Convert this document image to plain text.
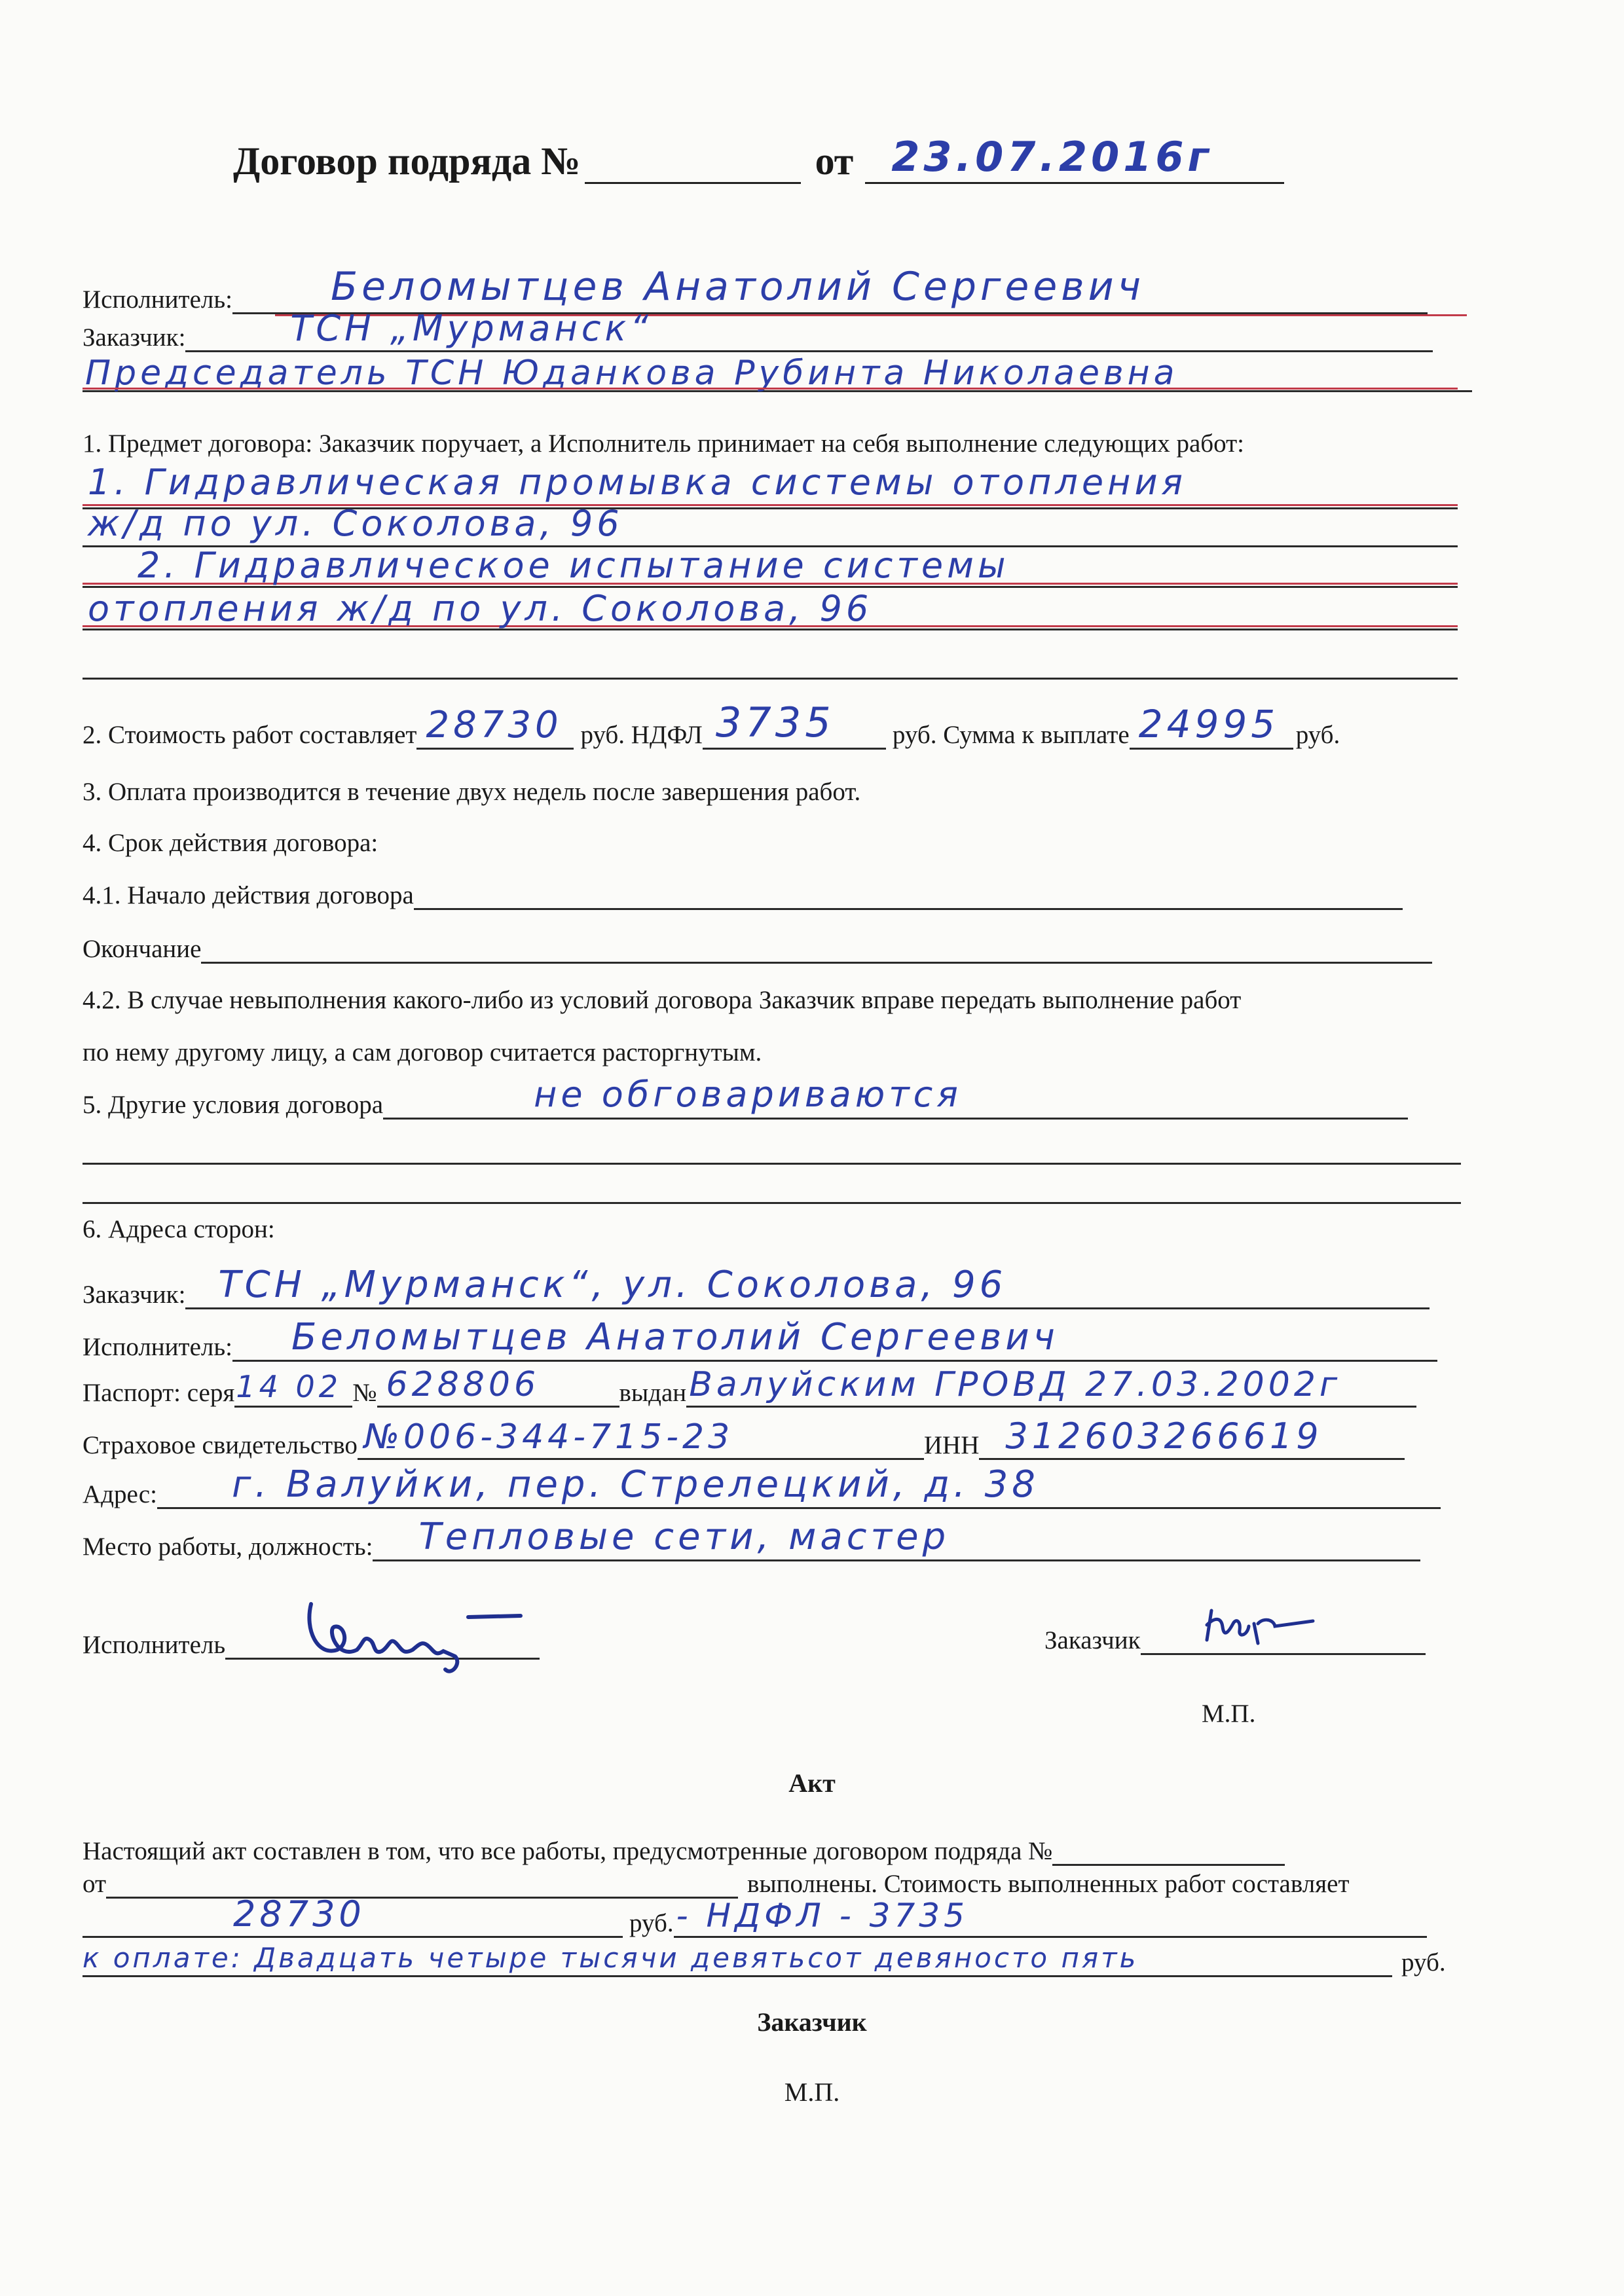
Договор подряда №	от 23.07.2016г
Исполнитель:	Беломытцев Анатолий Сергеевич
Заказчик:	ТСН „Мурманск“
Председатель ТСН Юданкова Рубинта Николаевна
1. Предмет договора: Заказчик поручает, а Исполнитель принимает на себя выполнение следующих работ:
1. Гидравлическая промывка системы отопления
ж/д по ул. Соколова, 96
2. Гидравлическое испытание системы
отопления ж/д по ул. Соколова, 96
2. Стоимость работ составляет 28730 руб. НДФЛ 3735 руб. Сумма к выплате 24995 руб.
3. Оплата производится в течение двух недель после завершения работ.
4. Срок действия договора:
4.1. Начало действия договора
Окончание
4.2. В случае невыполнения какого-либо из условий договора Заказчик вправе передать выполнение работ
по нему другому лицу, а сам договор считается расторгнутым.
5. Другие условия договора	не обговариваются
6. Адреса сторон:
Заказчик: ТСН „Мурманск“, ул. Соколова, 96
Исполнитель: Беломытцев Анатолий Сергеевич
Паспорт: серя 14 02 № 628806	выдан Валуйским ГРОВД 27.03.2002г
Страховое свидетельство №006-344-715-23	ИНН 312603266619
Адрес: г. Валуйки, пер. Стрелецкий, д. 38
Место работы, должность: Тепловые сети, мастер
Исполнитель	Заказчик
М.П.
Акт
Настоящий акт составлен в том, что все работы, предусмотренные договором подряда №
от	выполнены. Стоимость выполненных работ составляет
28730	руб. - НДФЛ - 3735
к оплате: Двадцать четыре тысячи девятьсот девяносто пять	руб.
Заказчик
М.П.
